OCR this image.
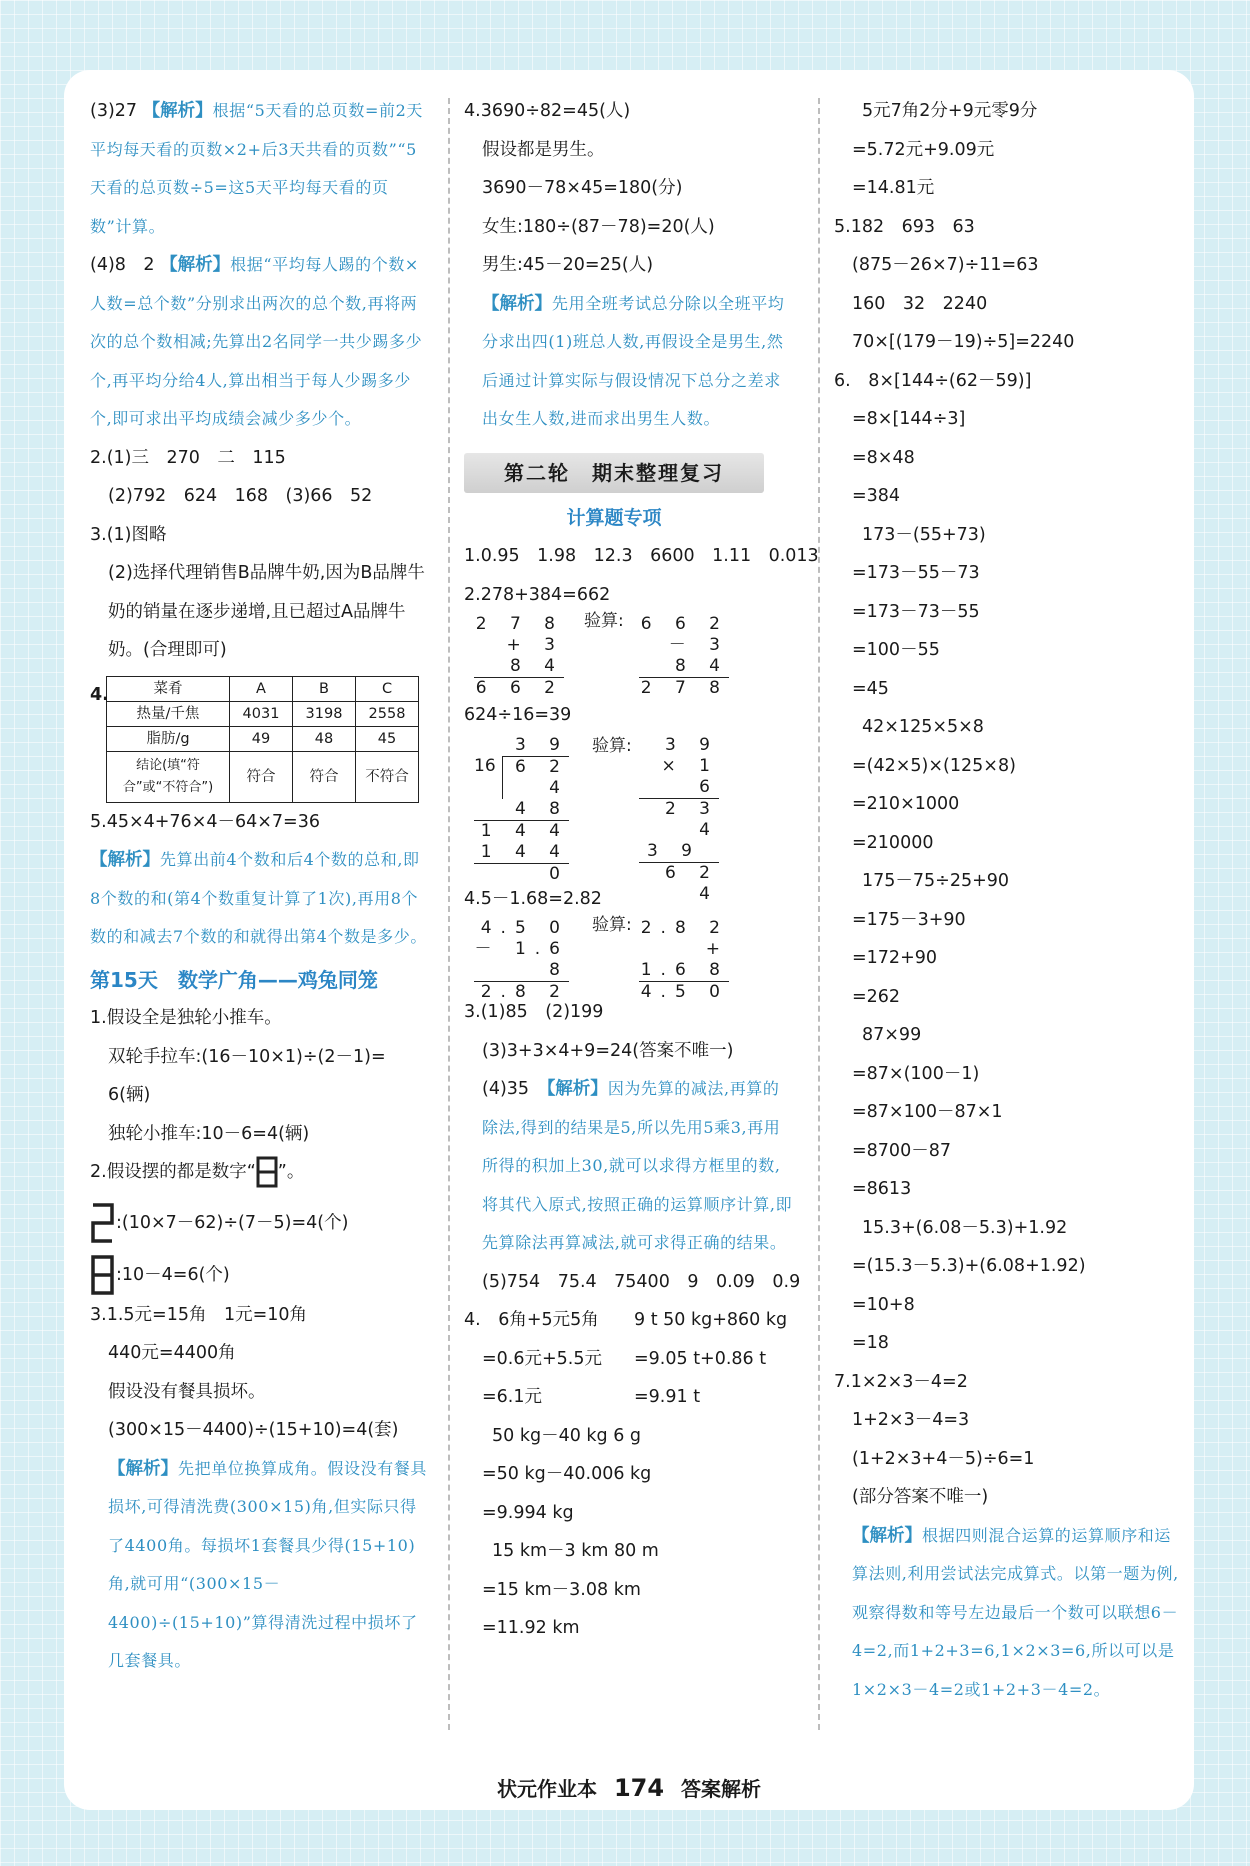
(3)27 【解析】根据“5天看的总页数=前2天平均每天看的页数×2+后3天共看的页数”“5天看的总页数÷5=这5天平均每天看的页数”计算。
(4)8　2 【解析】根据“平均每人踢的个数×人数=总个数”分别求出两次的总个数,再将两次的总个数相减;先算出2名同学一共少踢多少个,再平均分给4人,算出相当于每人少踢多少个,即可求出平均成绩会减少多少个。
2.(1)三　270　二　115
(2)792　624　168　(3)66　52
3.(1)图略
(2)选择代理销售B品牌牛奶,因为B品牌牛奶的销量在逐步递增,且已超过A品牌牛奶。(合理即可)
4.	菜肴	A	B	C
热量/千焦	4031	3198	2558
脂肪/g	49	48	45
结论(填“符合”或“不符合”)	符合	符合	不符合
5.45×4+76×4－64×7=36
【解析】先算出前4个数和后4个数的总和,即8个数的和(第4个数重复计算了1次),再用8个数的和减去7个数的和就得出第4个数是多少。
第15天　数学广角——鸡兔同笼
1.假设全是独轮小推车。
双轮手拉车:(16－10×1)÷(2－1)=
6(辆)
独轮小推车:10－6=4(辆)
2.假设摆的都是数字“ ”。
:(10×7－62)÷(7－5)=4(个)
:10－4=6(个)
3.1.5元=15角　1元=10角
440元=4400角
假设没有餐具损坏。
(300×15－4400)÷(15+10)=4(套)
【解析】先把单位换算成角。假设没有餐具损坏,可得清洗费(300×15)角,但实际只得了4400角。每损坏1套餐具少得(15+10)角,就可用“(300×15－4400)÷(15+10)”算得清洗过程中损坏了几套餐具。
4.3690÷82=45(人)
假设都是男生。
3690－78×45=180(分)
女生:180÷(87－78)=20(人)
男生:45－20=25(人)
【解析】先用全班考试总分除以全班平均分求出四(1)班总人数,再假设全是男生,然后通过计算实际与假设情况下总分之差求出女生人数,进而求出男生人数。
第二轮　期末整理复习
计算题专项
1.0.95　1.98　12.3　6600　1.11　0.013
2.278+384=662
2 7 8
+ 3 8 4
6 6 2
验算: 6 6 2
－ 3 8 4
2 7 8
624÷16=39
3 9
16	6 2 4
4 8
1 4 4
1 4 4
0
验算:	3 9
× 1 6
2 3 4
3 9
6 2 4
4.5－1.68=2.82
4.5 0
－ 1.6 8
2.8 2
验算: 2.8 2
+ 1.6 8
4.5 0
3.(1)85　(2)199
(3)3+3×4+9=24(答案不唯一)
(4)35　 【解析】因为先算的减法,再算的除法,得到的结果是5,所以先用5乘3,再用所得的积加上30,就可以求得方框里的数,将其代入原式,按照正确的运算顺序计算,即先算除法再算减法,就可求得正确的结果。
(5)754　75.4　75400　9　0.09　0.9
4.　6角+5元5角
=0.6元+5.5元
=6.1元
9 t 50 kg+860 kg
=9.05 t+0.86 t
=9.91 t
50 kg－40 kg 6 g
=50 kg－40.006 kg
=9.994 kg
15 km－3 km 80 m
=15 km－3.08 km
=11.92 km
5元7角2分+9元零9分
=5.72元+9.09元
=14.81元
5.182　693　63
(875－26×7)÷11=63
160　32　2240
70×[(179－19)÷5]=2240
6.　8×[144÷(62－59)]
=8×[144÷3]
=8×48
=384
173－(55+73)
=173－55－73
=173－73－55
=100－55
=45
42×125×5×8
=(42×5)×(125×8)
=210×1000
=210000
175－75÷25+90
=175－3+90
=172+90
=262
87×99
=87×(100－1)
=87×100－87×1
=8700－87
=8613
15.3+(6.08－5.3)+1.92
=(15.3－5.3)+(6.08+1.92)
=10+8
=18
7.1×2×3－4=2
1+2×3－4=3
(1+2×3+4－5)÷6=1
(部分答案不唯一)
【解析】根据四则混合运算的运算顺序和运算法则,利用尝试法完成算式。以第一题为例,观察得数和等号左边最后一个数可以联想6－4=2,而1+2+3=6,1×2×3=6,所以可以是1×2×3－4=2或1+2+3－4=2。
状元作业本 174 答案解析
